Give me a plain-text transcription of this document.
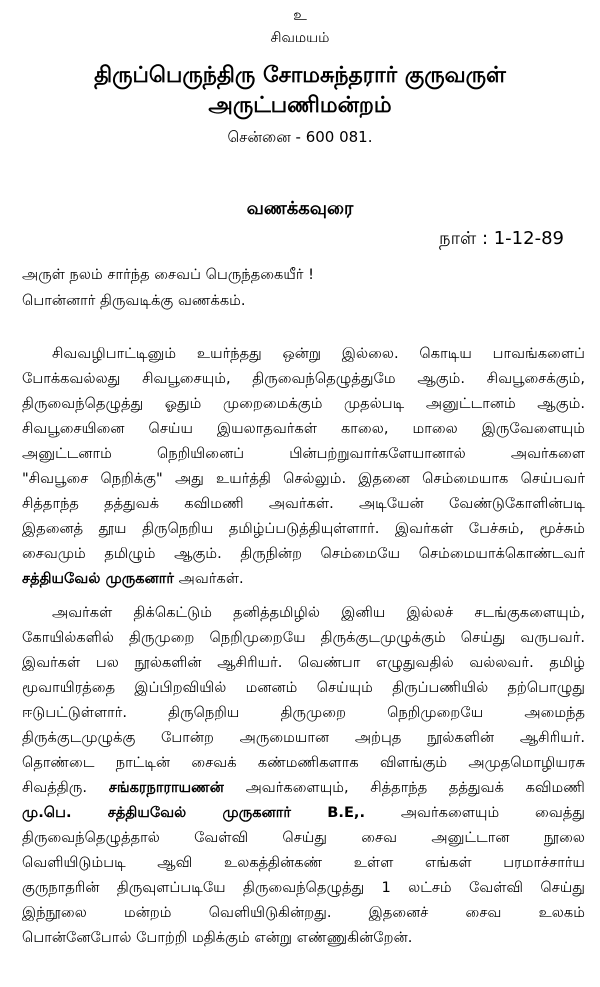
உ
சிவமயம்
திருப்பெருந்திரு சோமசுந்தரார் குருவருள்
அருட்பணிமன்றம்
சென்னை - 600 081.
வணக்கவுரை
நாள் : 1-12-89
அருள் நலம் சார்ந்த சைவப் பெருந்தகையீர் !
பொன்னார் திருவடிக்கு வணக்கம்.
சிவவழிபாட்டினும் உயர்ந்தது ஒன்று இல்லை. கொடிய பாவங்களைப்
போக்கவல்லது சிவபூசையும், திருவைந்தெழுத்துமே ஆகும். சிவபூசைக்கும்,
திருவைந்தெழுத்து ஓதும் முறைமைக்கும் முதல்படி அனுட்டானம் ஆகும்.
சிவபூசையினை செய்ய இயலாதவர்கள் காலை, மாலை இருவேளையும்
அனுட்டனாம் நெறியினைப் பின்பற்றுவார்களேயானால் அவர்களை
"சிவபூசை நெறிக்கு" அது உயர்த்தி செல்லும். இதனை செம்மையாக செய்பவர்
சித்தாந்த தத்துவக் கவிமணி அவர்கள். அடியேன் வேண்டுகோளின்படி
இதனைத் தூய திருநெறிய தமிழ்ப்படுத்தியுள்ளார். இவர்கள் பேச்சும், மூச்சும்
சைவமும் தமிழும் ஆகும். திருநின்ற செம்மையே செம்மையாக்கொண்டவர்
சத்தியவேல் முருகனார் அவர்கள்.
அவர்கள் திக்கெட்டும் தனித்தமிழில் இனிய இல்லச் சடங்குகளையும்,
கோயில்களில் திருமுறை நெறிமுறையே திருக்குடமுழுக்கும் செய்து வருபவர்.
இவர்கள் பல நூல்களின் ஆசிரியர். வெண்பா எழுதுவதில் வல்லவர். தமிழ்
மூவாயிரத்தை இப்பிறவியில் மனனம் செய்யும் திருப்பணியில் தற்பொழுது
ஈடுபட்டுள்ளார். திருநெறிய திருமுறை நெறிமுறையே அமைந்த
திருக்குடமுழுக்கு போன்ற அருமையான அற்புத நூல்களின் ஆசிரியர்.
தொண்டை நாட்டின் சைவக் கண்மணிகளாக விளங்கும் அமுதமொழியரசு
சிவத்திரு. சங்கரநாராயணன் அவர்களையும், சித்தாந்த தத்துவக் கவிமணி
மு.பெ. சத்தியவேல் முருகனார் B.E,. அவர்களையும் வைத்து
திருவைந்தெழுத்தால் வேள்வி செய்து சைவ அனுட்டான நூலை
வெளியிடும்படி ஆவி உலகத்தின்கண் உள்ள எங்கள் பரமாச்சார்ய
குருநாதரின் திருவுளப்படியே திருவைந்தெழுத்து 1 லட்சம் வேள்வி செய்து
இந்நூலை மன்றம் வெளியிடுகின்றது. இதனைச் சைவ உலகம்
பொன்னேபோல் போற்றி மதிக்கும் என்று எண்ணுகின்றேன்.
